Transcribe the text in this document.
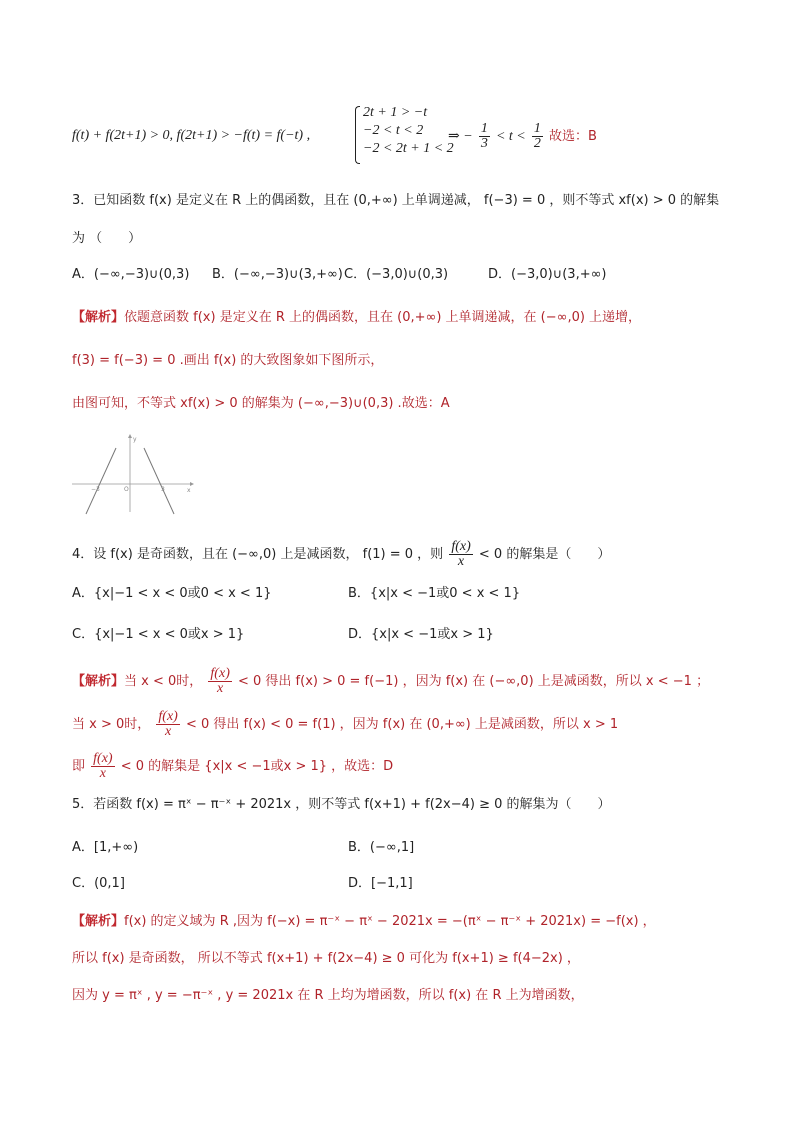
f(t) + f(2t+1) > 0, f(2t+1) > −f(t) = f(−t) ,
2t + 1 > −t
−2 < t < 2
−2 < 2t + 1 < 2
⇒ − $\frac{1}{3} < t < \frac{1}{2}$ 故选：B
3．已知函数 f(x) 是定义在 R 上的偶函数，且在 (0,+∞) 上单调递减， f(−3) = 0 ，则不等式 xf(x) > 0 的解集
为 （　　）
A．(−∞,−3)∪(0,3) B．(−∞,−3)∪(3,+∞) C．(−3,0)∪(0,3)	D．(−3,0)∪(3,+∞)
【解析】依题意函数 f(x) 是定义在 R 上的偶函数，且在 (0,+∞) 上单调递减，在 (−∞,0) 上递增，
f(3) = f(−3) = 0 .画出 f(x) 的大致图象如下图所示，
由图可知，不等式 xf(x) > 0 的解集为 (−∞,−3)∪(0,3) .故选：A
y
x
O
−3	3
4．设 f(x) 是奇函数，且在 (−∞,0) 上是减函数， f(1) = 0 ，则 $\frac{f(x)}{x} < 0$ 的解集是（　　）
A．{x|−1 < x < 0或0 < x < 1}	B．{x|x < −1或0 < x < 1}
C．{x|−1 < x < 0或x > 1}	D．{x|x < −1或x > 1}
【解析】当 x < 0时， $\frac{f(x)}{x} < 0$ 得出 f(x) > 0 = f(−1) ，因为 f(x) 在 (−∞,0) 上是减函数，所以 x < −1 ；
当 x > 0时， $\frac{f(x)}{x} < 0$ 得出 f(x) < 0 = f(1) ，因为 f(x) 在 (0,+∞) 上是减函数，所以 x > 1
即 $\frac{f(x)}{x} < 0$ 的解集是 {x|x < −1或x > 1} ，故选：D
5．若函数 f(x) = πˣ − π⁻ˣ + 2021x ，则不等式 f(x+1) + f(2x−4) ≥ 0 的解集为（　　）
A．[1,+∞)	B．(−∞,1]
C．(0,1]	D．[−1,1]
【解析】f(x) 的定义域为 R ,因为 f(−x) = π⁻ˣ − πˣ − 2021x = −(πˣ − π⁻ˣ + 2021x) = −f(x) ，
所以 f(x) 是奇函数， 所以不等式 f(x+1) + f(2x−4) ≥ 0 可化为 f(x+1) ≥ f(4−2x) ，
因为 y = πˣ , y = −π⁻ˣ , y = 2021x 在 R 上均为增函数，所以 f(x) 在 R 上为增函数，
